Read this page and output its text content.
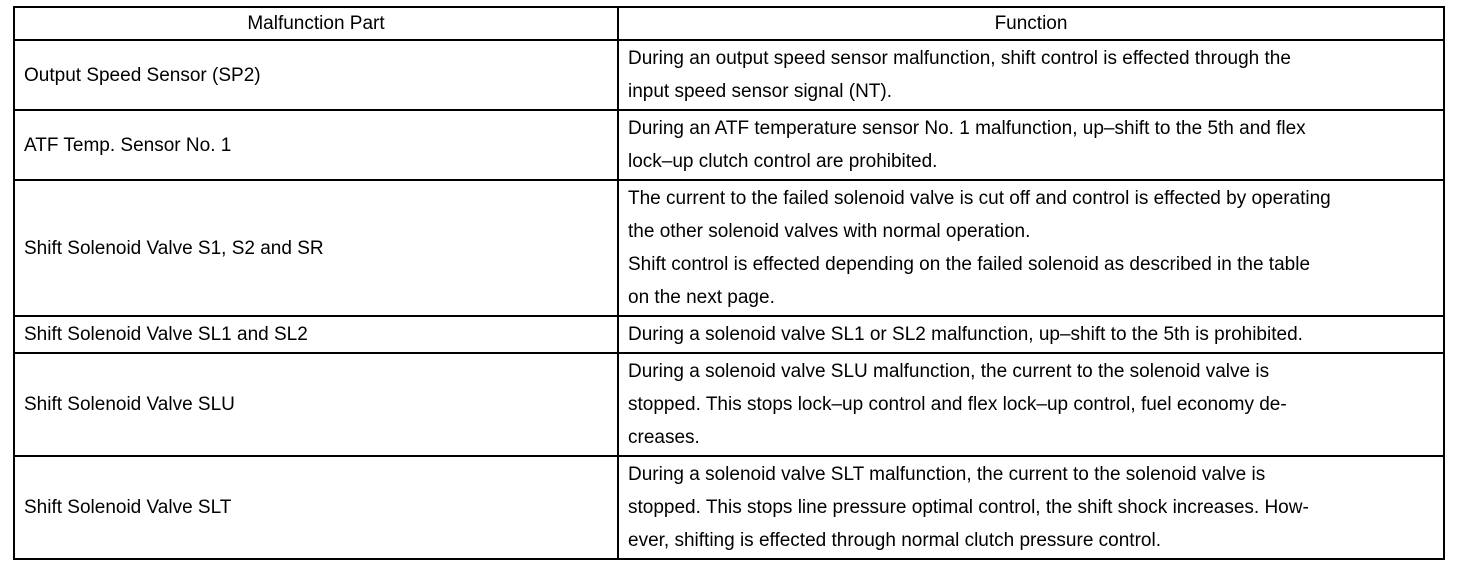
Malfunction Part	Function
Output Speed Sensor (SP2)	During an output speed sensor malfunction, shift control is effected through the
input speed sensor signal (NT).

ATF Temp. Sensor No. 1	During an ATF temperature sensor No. 1 malfunction, up–shift to the 5th and flex
lock–up clutch control are prohibited.

Shift Solenoid Valve S1, S2 and SR	The current to the failed solenoid valve is cut off and control is effected by operating
the other solenoid valves with normal operation.
Shift control is effected depending on the failed solenoid as described in the table
on the next page.

Shift Solenoid Valve SL1 and SL2	During a solenoid valve SL1 or SL2 malfunction, up–shift to the 5th is prohibited.

Shift Solenoid Valve SLU	During a solenoid valve SLU malfunction, the current to the solenoid valve is
stopped. This stops lock–up control and flex lock–up control, fuel economy de-
creases.

Shift Solenoid Valve SLT	During a solenoid valve SLT malfunction, the current to the solenoid valve is
stopped. This stops line pressure optimal control, the shift shock increases. How-
ever, shifting is effected through normal clutch pressure control.
